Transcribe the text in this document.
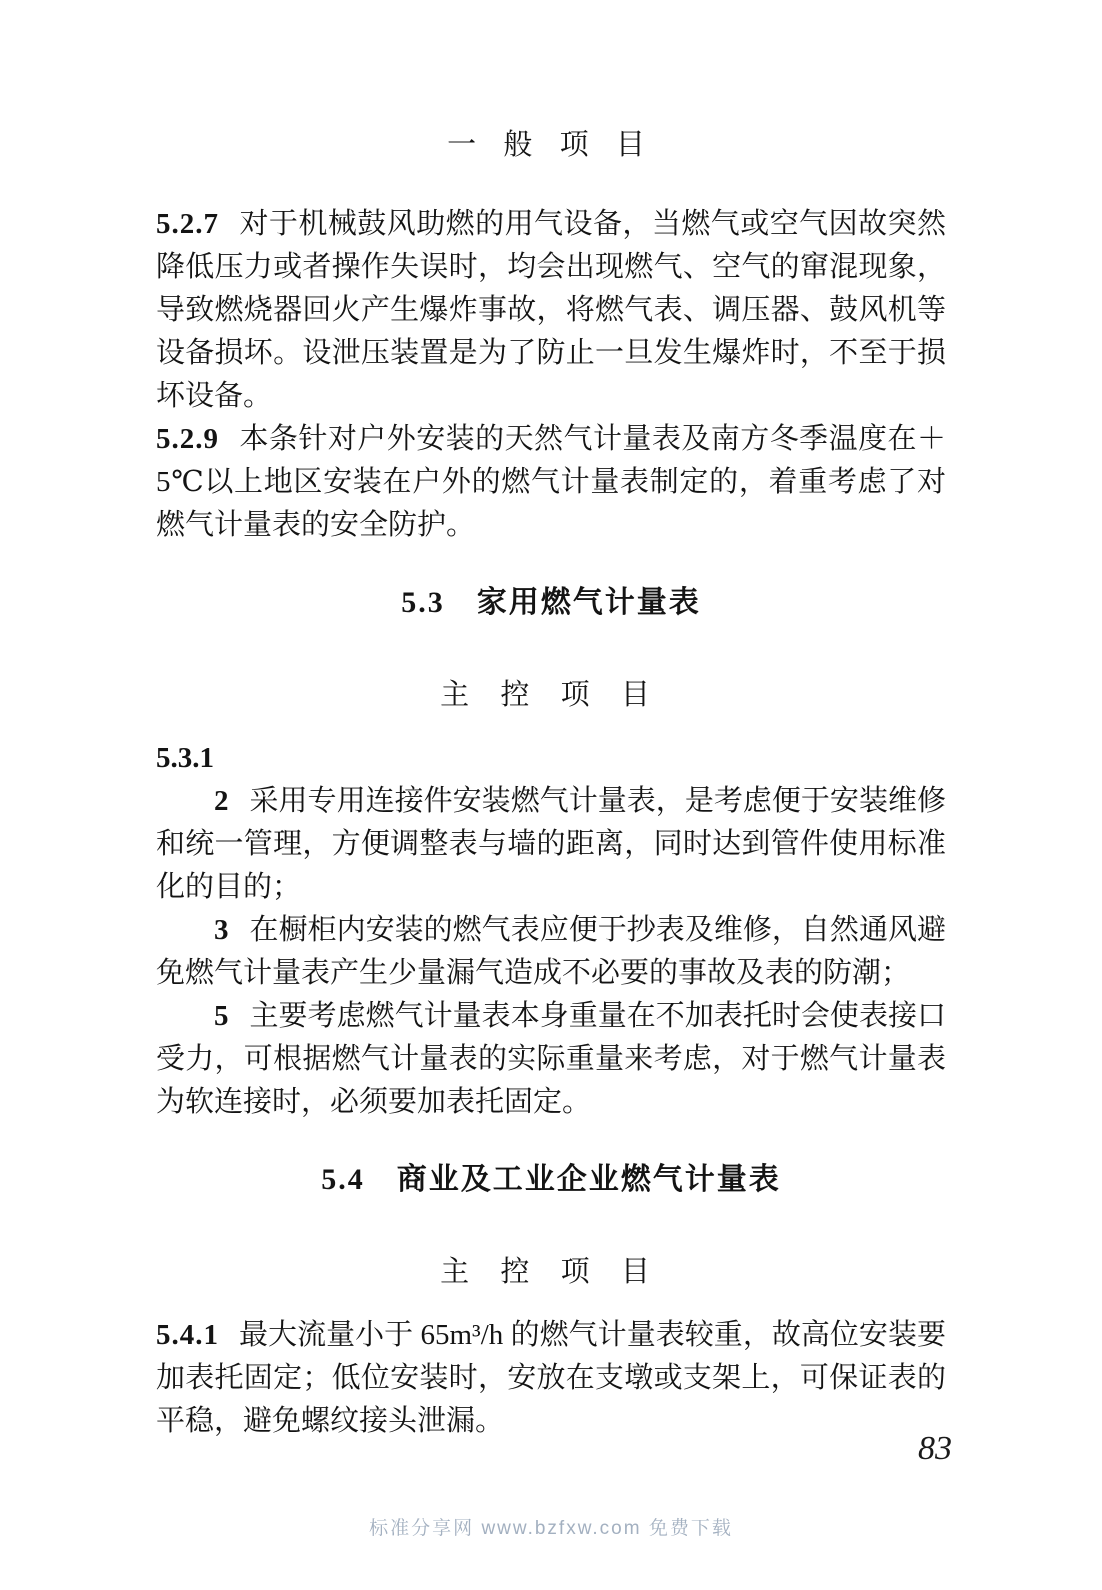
一 般 项 目

5.2.7 对于机械鼓风助燃的用气设备，当燃气或空气因故突然降低压力或者操作失误时，均会出现燃气、空气的窜混现象，导致燃烧器回火产生爆炸事故，将燃气表、调压器、鼓风机等设备损坏。设泄压装置是为了防止一旦发生爆炸时，不至于损坏设备。

5.2.9 本条针对户外安装的天然气计量表及南方冬季温度在＋5℃以上地区安装在户外的燃气计量表制定的，着重考虑了对燃气计量表的安全防护。

5.3　家用燃气计量表

主 控 项 目

5.3.1

2 采用专用连接件安装燃气计量表，是考虑便于安装维修和统一管理，方便调整表与墙的距离，同时达到管件使用标准化的目的；

3 在橱柜内安装的燃气表应便于抄表及维修，自然通风避免燃气计量表产生少量漏气造成不必要的事故及表的防潮；

5 主要考虑燃气计量表本身重量在不加表托时会使表接口受力，可根据燃气计量表的实际重量来考虑，对于燃气计量表为软连接时，必须要加表托固定。

5.4　商业及工业企业燃气计量表

主 控 项 目

5.4.1 最大流量小于 65m³/h 的燃气计量表较重，故高位安装要加表托固定；低位安装时，安放在支墩或支架上，可保证表的平稳，避免螺纹接头泄漏。

83
标准分享网 www.bzfxw.com 免费下载
